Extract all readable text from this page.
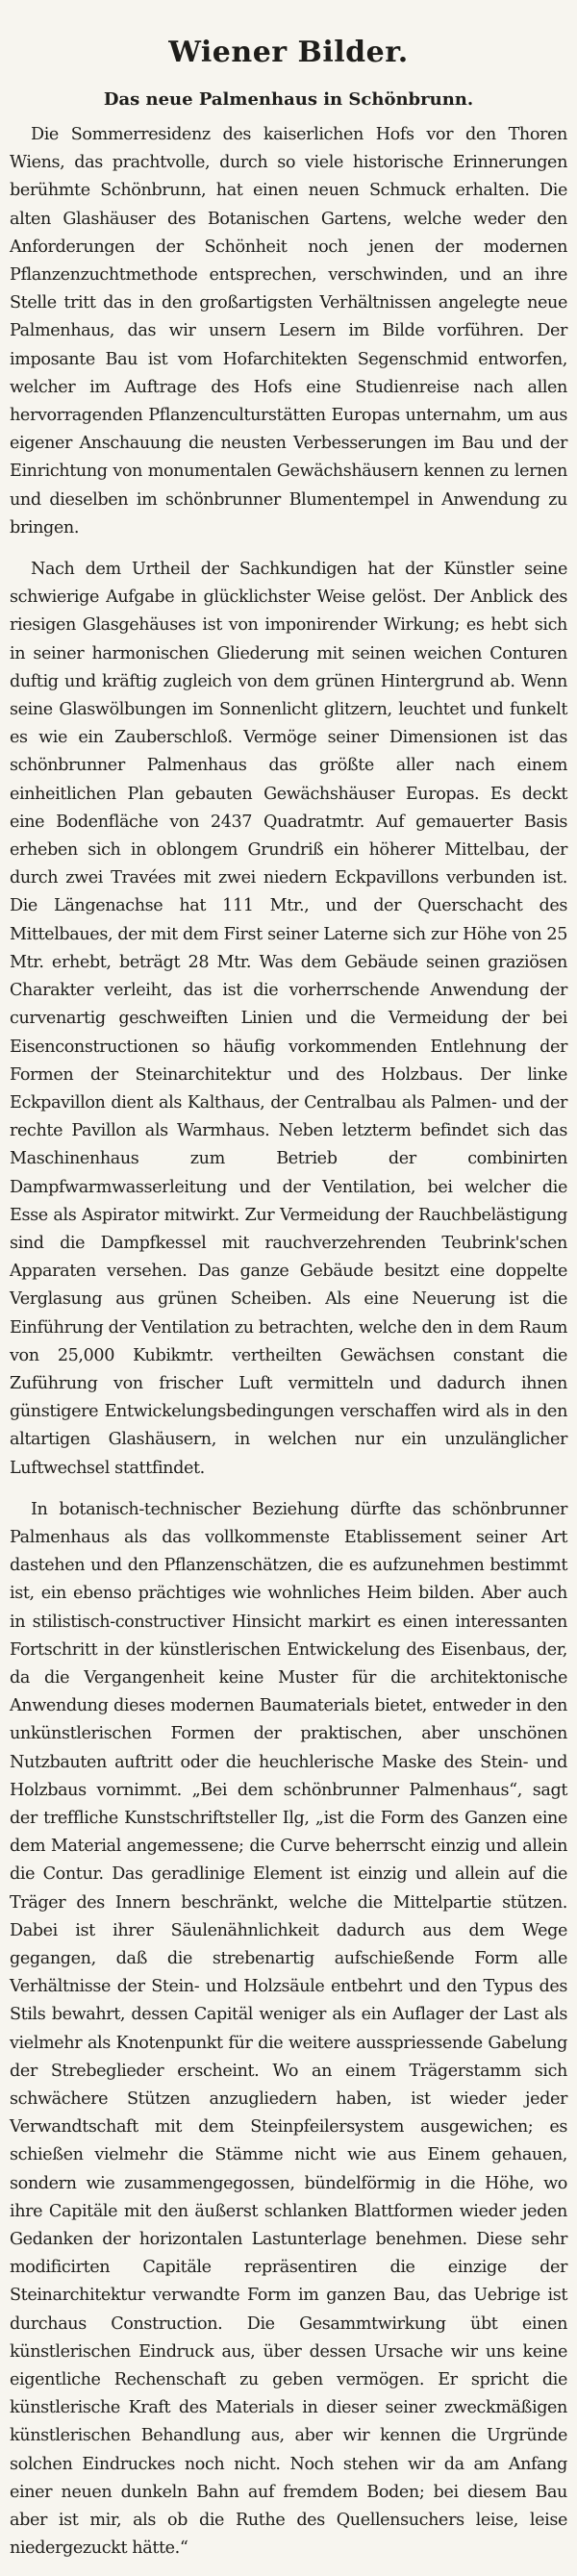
Wiener Bilder.
Das neue Palmenhaus in Schönbrunn.

Die Sommerresidenz des kaiserlichen Hofs vor den Thoren Wiens, das prachtvolle, durch so viele historische Erinnerungen berühmte Schönbrunn, hat einen neuen Schmuck erhalten. Die alten Glashäuser des Botanischen Gartens, welche weder den Anforderungen der Schönheit noch jenen der modernen Pflanzenzuchtmethode entsprechen, verschwinden, und an ihre Stelle tritt das in den großartigsten Verhältnissen angelegte neue Palmenhaus, das wir unsern Lesern im Bilde vorführen. Der imposante Bau ist vom Hofarchitekten Segenschmid entworfen, welcher im Auftrage des Hofs eine Studienreise nach allen hervorragenden Pflanzenculturstätten Europas unternahm, um aus eigener Anschauung die neusten Verbesserungen im Bau und der Einrichtung von monumentalen Gewächshäusern kennen zu lernen und dieselben im schönbrunner Blumentempel in Anwendung zu bringen.

Nach dem Urtheil der Sachkundigen hat der Künstler seine schwierige Aufgabe in glücklichster Weise gelöst. Der Anblick des riesigen Glasgehäuses ist von imponirender Wirkung; es hebt sich in seiner harmonischen Gliederung mit seinen weichen Conturen duftig und kräftig zugleich von dem grünen Hintergrund ab. Wenn seine Glaswölbungen im Sonnenlicht glitzern, leuchtet und funkelt es wie ein Zauberschloß. Vermöge seiner Dimensionen ist das schönbrunner Palmenhaus das größte aller nach einem einheitlichen Plan gebauten Gewächshäuser Europas. Es deckt eine Bodenfläche von 2437 Quadratmtr. Auf gemauerter Basis erheben sich in oblongem Grundriß ein höherer Mittelbau, der durch zwei Travées mit zwei niedern Eckpavillons verbunden ist. Die Längenachse hat 111 Mtr., und der Querschacht des Mittelbaues, der mit dem First seiner Laterne sich zur Höhe von 25 Mtr. erhebt, beträgt 28 Mtr. Was dem Gebäude seinen graziösen Charakter verleiht, das ist die vorherrschende Anwendung der curvenartig geschweiften Linien und die Vermeidung der bei Eisenconstructionen so häufig vorkommenden Entlehnung der Formen der Steinarchitektur und des Holzbaus. Der linke Eckpavillon dient als Kalthaus, der Centralbau als Palmen- und der rechte Pavillon als Warmhaus. Neben letzterm befindet sich das Maschinenhaus zum Betrieb der combinirten Dampfwarmwasserleitung und der Ventilation, bei welcher die Esse als Aspirator mitwirkt. Zur Vermeidung der Rauchbelästigung sind die Dampfkessel mit rauchverzehrenden Teubrink'schen Apparaten versehen. Das ganze Gebäude besitzt eine doppelte Verglasung aus grünen Scheiben. Als eine Neuerung ist die Einführung der Ventilation zu betrachten, welche den in dem Raum von 25,000 Kubikmtr. vertheilten Gewächsen constant die Zuführung von frischer Luft vermitteln und dadurch ihnen günstigere Entwickelungsbedingungen verschaffen wird als in den altartigen Glashäusern, in welchen nur ein unzulänglicher Luftwechsel stattfindet.

In botanisch-technischer Beziehung dürfte das schönbrunner Palmenhaus als das vollkommenste Etablissement seiner Art dastehen und den Pflanzenschätzen, die es aufzunehmen bestimmt ist, ein ebenso prächtiges wie wohnliches Heim bilden. Aber auch in stilistisch-constructiver Hinsicht markirt es einen interessanten Fortschritt in der künstlerischen Entwickelung des Eisenbaus, der, da die Vergangenheit keine Muster für die architektonische Anwendung dieses modernen Baumaterials bietet, entweder in den unkünstlerischen Formen der praktischen, aber unschönen Nutzbauten auftritt oder die heuchlerische Maske des Stein- und Holzbaus vornimmt. „Bei dem schönbrunner Palmenhaus“, sagt der treffliche Kunstschriftsteller Ilg, „ist die Form des Ganzen eine dem Material angemessene; die Curve beherrscht einzig und allein die Contur. Das geradlinige Element ist einzig und allein auf die Träger des Innern beschränkt, welche die Mittelpartie stützen. Dabei ist ihrer Säulenähnlichkeit dadurch aus dem Wege gegangen, daß die strebenartig aufschießende Form alle Verhältnisse der Stein- und Holzsäule entbehrt und den Typus des Stils bewahrt, dessen Capitäl weniger als ein Auflager der Last als vielmehr als Knotenpunkt für die weitere ausspriessende Gabelung der Strebeglieder erscheint. Wo an einem Trägerstamm sich schwächere Stützen anzugliedern haben, ist wieder jeder Verwandtschaft mit dem Steinpfeilersystem ausgewichen; es schießen vielmehr die Stämme nicht wie aus Einem gehauen, sondern wie zusammengegossen, bündelförmig in die Höhe, wo ihre Capitäle mit den äußerst schlanken Blattformen wieder jeden Gedanken der horizontalen Lastunterlage benehmen. Diese sehr modificirten Capitäle repräsentiren die einzige der Steinarchitektur verwandte Form im ganzen Bau, das Uebrige ist durchaus Construction. Die Gesammtwirkung übt einen künstlerischen Eindruck aus, über dessen Ursache wir uns keine eigentliche Rechenschaft zu geben vermögen. Er spricht die künstlerische Kraft des Materials in dieser seiner zweckmäßigen künstlerischen Behandlung aus, aber wir kennen die Urgründe solchen Eindruckes noch nicht. Noch stehen wir da am Anfang einer neuen dunkeln Bahn auf fremdem Boden; bei diesem Bau aber ist mir, als ob die Ruthe des Quellensuchers leise, leise niedergezuckt hätte.“
